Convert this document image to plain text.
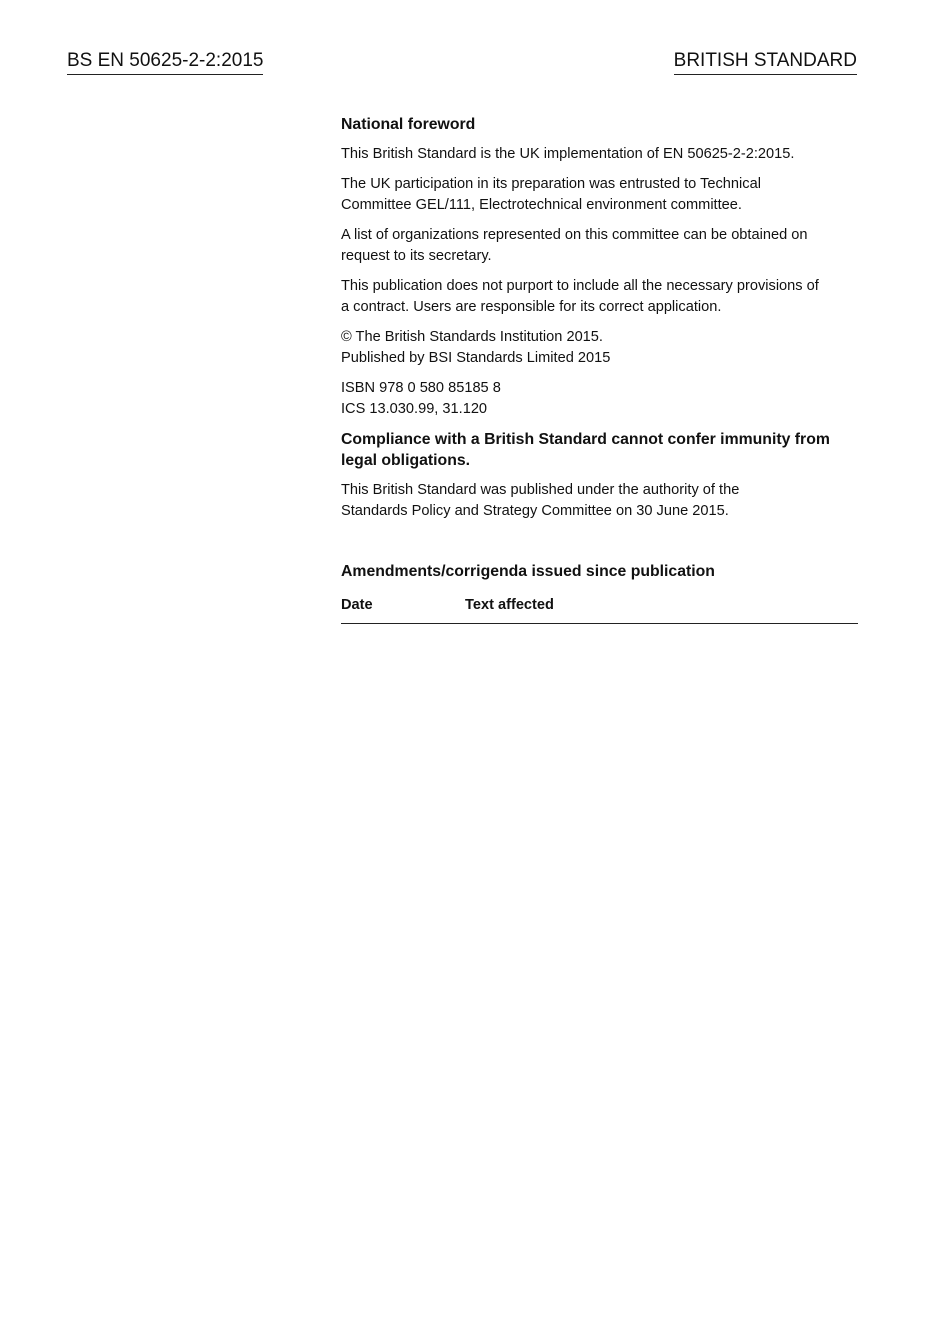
BS EN 50625-2-2:2015	BRITISH STANDARD
National foreword
This British Standard is the UK implementation of EN 50625-2-2:2015.
The UK participation in its preparation was entrusted to Technical
Committee GEL/111, Electrotechnical environment committee.
A list of organizations represented on this committee can be obtained on
request to its secretary.
This publication does not purport to include all the necessary provisions of
a contract. Users are responsible for its correct application.
© The British Standards Institution 2015.
Published by BSI Standards Limited 2015
ISBN 978 0 580 85185 8
ICS 13.030.99, 31.120
Compliance with a British Standard cannot confer immunity from
legal obligations.
This British Standard was published under the authority of the
Standards Policy and Strategy Committee on 30 June 2015.
Amendments/corrigenda issued since publication
Date	Text affected
